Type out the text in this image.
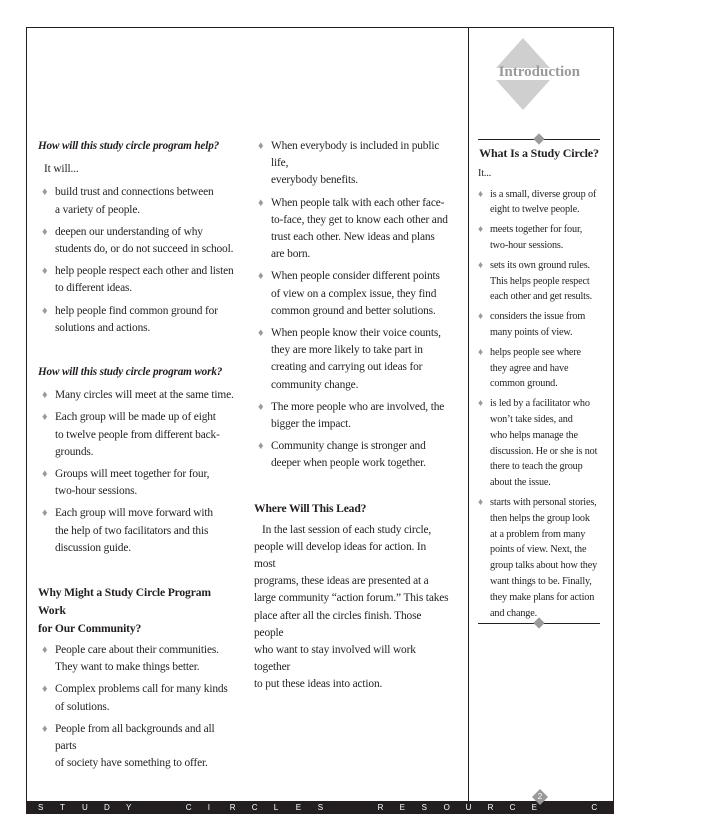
Introduction
How will this study circle program help?
It will...
♦ build trust and connections between
a variety of people.
♦ deepen our understanding of why
students do, or do not succeed in school.
♦ help people respect each other and listen
to different ideas.
♦ help people find common ground for
solutions and actions.
How will this study circle program work?
♦ Many circles will meet at the same time.
♦ Each group will be made up of eight
to twelve people from different back-
grounds.
♦ Groups will meet together for four,
two-hour sessions.
♦ Each group will move forward with
the help of two facilitators and this
discussion guide.
Why Might a Study Circle Program Work
for Our Community?
♦ People care about their communities.
They want to make things better.
♦ Complex problems call for many kinds
of solutions.
♦ People from all backgrounds and all parts
of society have something to offer.
♦ When everybody is included in public life,
everybody benefits.
♦ When people talk with each other face-
to-face, they get to know each other and
trust each other. New ideas and plans
are born.
♦ When people consider different points
of view on a complex issue, they find
common ground and better solutions.
♦ When people know their voice counts,
they are more likely to take part in
creating and carrying out ideas for
community change.
♦ The more people who are involved, the
bigger the impact.
♦ Community change is stronger and
deeper when people work together.
Where Will This Lead?
In the last session of each study circle,
people will develop ideas for action. In most
programs, these ideas are presented at a
large community “action forum.” This takes
place after all the circles finish. Those people
who want to stay involved will work together
to put these ideas into action.
What Is a Study Circle?
It...
♦ is a small, diverse group of
eight to twelve people.
♦ meets together for four,
two-hour sessions.
♦ sets its own ground rules.
This helps people respect
each other and get results.
♦ considers the issue from
many points of view.
♦ helps people see where
they agree and have
common ground.
♦ is led by a facilitator who
won’t take sides, and
who helps manage the
discussion. He or she is not
there to teach the group
about the issue.
♦ starts with personal stories,
then helps the group look
at a problem from many
points of view. Next, the
group talks about how they
want things to be. Finally,
they make plans for action
and change.
S T U D Y	C I R C L E S	R E S O U R C E	C E N T E R
2
